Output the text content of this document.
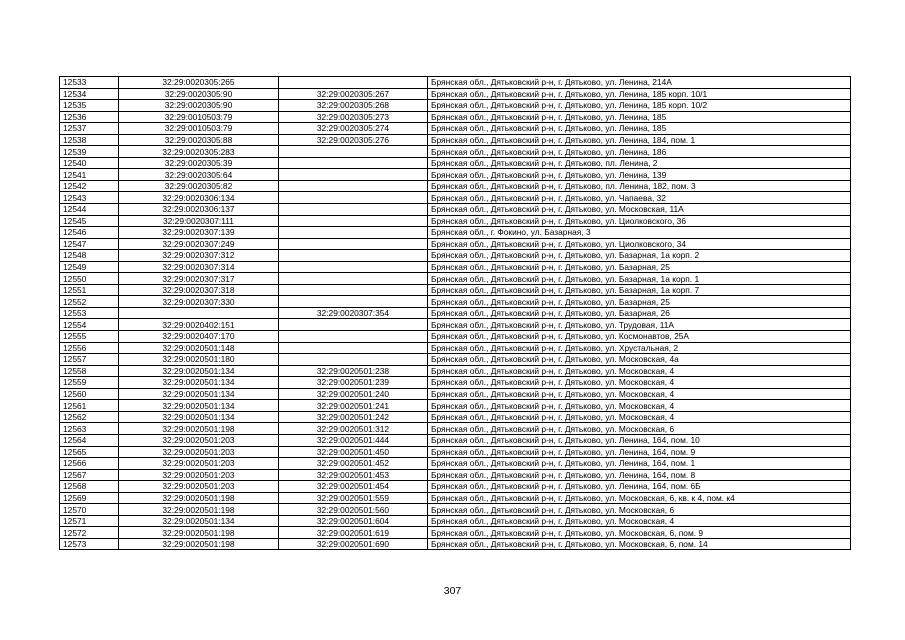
12533	32:29:0020305:265		Брянская обл., Дятьковский р-н, г. Дятьково, ул. Ленина, 214А
12534	32:29:0020305:90	32:29:0020305:267	Брянская обл., Дятьковский р-н, г. Дятьково, ул. Ленина, 185 корп. 10/1
12535	32:29:0020305:90	32:29:0020305:268	Брянская обл., Дятьковский р-н, г. Дятьково, ул. Ленина, 185 корп. 10/2
12536	32:29:0010503:79	32:29:0020305:273	Брянская обл., Дятьковский р-н, г. Дятьково, ул. Ленина, 185
12537	32:29:0010503:79	32:29:0020305:274	Брянская обл., Дятьковский р-н, г. Дятьково, ул. Ленина, 185
12538	32:29:0020305:88	32:29:0020305:276	Брянская обл., Дятьковский р-н, г. Дятьково, ул. Ленина, 184, пом. 1
12539	32:29:0020305:283		Брянская обл., Дятьковский р-н, г. Дятьково, ул. Ленина, 186
12540	32:29:0020305:39		Брянская обл., Дятьковский р-н, г. Дятьково, пл. Ленина, 2
12541	32:29:0020305:64		Брянская обл., Дятьковский р-н, г. Дятьково, ул. Ленина, 139
12542	32:29:0020305:82		Брянская обл., Дятьковский р-н, г. Дятьково, пл. Ленина, 182, пом. 3
12543	32:29:0020306:134		Брянская обл., Дятьковский р-н, г. Дятьково, ул. Чапаева, 32
12544	32:29:0020306:137		Брянская обл., Дятьковский р-н, г. Дятьково, ул. Московская, 11А
12545	32:29:0020307:111		Брянская обл., Дятьковский р-н, г. Дятьково, ул. Циолковского, 36
12546	32:29:0020307:139		Брянская обл., г. Фокино, ул. Базарная, 3
12547	32:29:0020307:249		Брянская обл., Дятьковский р-н, г. Дятьково, ул. Циолковского, 34
12548	32:29:0020307:312		Брянская обл., Дятьковский р-н, г. Дятьково, ул. Базарная, 1а корп. 2
12549	32:29:0020307:314		Брянская обл., Дятьковский р-н, г. Дятьково, ул. Базарная, 25
12550	32:29:0020307:317		Брянская обл., Дятьковский р-н, г. Дятьково, ул. Базарная, 1а корп. 1
12551	32:29:0020307:318		Брянская обл., Дятьковский р-н, г. Дятьково, ул. Базарная, 1а корп. 7
12552	32:29:0020307:330		Брянская обл., Дятьковский р-н, г. Дятьково, ул. Базарная, 25
12553		32:29:0020307:354	Брянская обл., Дятьковский р-н, г. Дятьково, ул. Базарная, 26
12554	32:29:0020402:151		Брянская обл., Дятьковский р-н, г. Дятьково, ул. Трудовая, 11А
12555	32:29:0020407:170		Брянская обл., Дятьковский р-н, г. Дятьково, ул. Космонавтов, 25А
12556	32:29:0020501:148		Брянская обл., Дятьковский р-н, г. Дятьково, ул. Хрустальная, 2
12557	32:29:0020501:180		Брянская обл., Дятьковский р-н, г. Дятьково, ул. Московская, 4а
12558	32:29:0020501:134	32:29:0020501:238	Брянская обл., Дятьковский р-н, г. Дятьково, ул. Московская, 4
12559	32:29:0020501:134	32:29:0020501:239	Брянская обл., Дятьковский р-н, г. Дятьково, ул. Московская, 4
12560	32:29:0020501:134	32:29:0020501:240	Брянская обл., Дятьковский р-н, г. Дятьково, ул. Московская, 4
12561	32:29:0020501:134	32:29:0020501:241	Брянская обл., Дятьковский р-н, г. Дятьково, ул. Московская, 4
12562	32:29:0020501:134	32:29:0020501:242	Брянская обл., Дятьковский р-н, г. Дятьково, ул. Московская, 4
12563	32:29:0020501:198	32:29:0020501:312	Брянская обл., Дятьковский р-н, г. Дятьково, ул. Московская, 6
12564	32:29:0020501:203	32:29:0020501:444	Брянская обл., Дятьковский р-н, г. Дятьково, ул. Ленина, 164, пом. 10
12565	32:29:0020501:203	32:29:0020501:450	Брянская обл., Дятьковский р-н, г. Дятьково, ул. Ленина, 164, пом. 9
12566	32:29:0020501:203	32:29:0020501:452	Брянская обл., Дятьковский р-н, г. Дятьково, ул. Ленина, 164, пом. 1
12567	32:29:0020501:203	32:29:0020501:453	Брянская обл., Дятьковский р-н, г. Дятьково, ул. Ленина, 164, пом. 8
12568	32:29:0020501:203	32:29:0020501:454	Брянская обл., Дятьковский р-н, г. Дятьково, ул. Ленина, 164, пом. 6Б
12569	32:29:0020501:198	32:29:0020501:559	Брянская обл., Дятьковский р-н, г. Дятьково, ул. Московская, 6, кв. к 4, пом. к4
12570	32:29:0020501:198	32:29:0020501:560	Брянская обл., Дятьковский р-н, г. Дятьково, ул. Московская, 6
12571	32:29:0020501:134	32:29:0020501:604	Брянская обл., Дятьковский р-н, г. Дятьково, ул. Московская, 4
12572	32:29:0020501:198	32:29:0020501:619	Брянская обл., Дятьковский р-н, г. Дятьково, ул. Московская, 6, пом. 9
12573	32:29:0020501:198	32:29:0020501:690	Брянская обл., Дятьковский р-н, г. Дятьково, ул. Московская, 6, пом. 14
307
